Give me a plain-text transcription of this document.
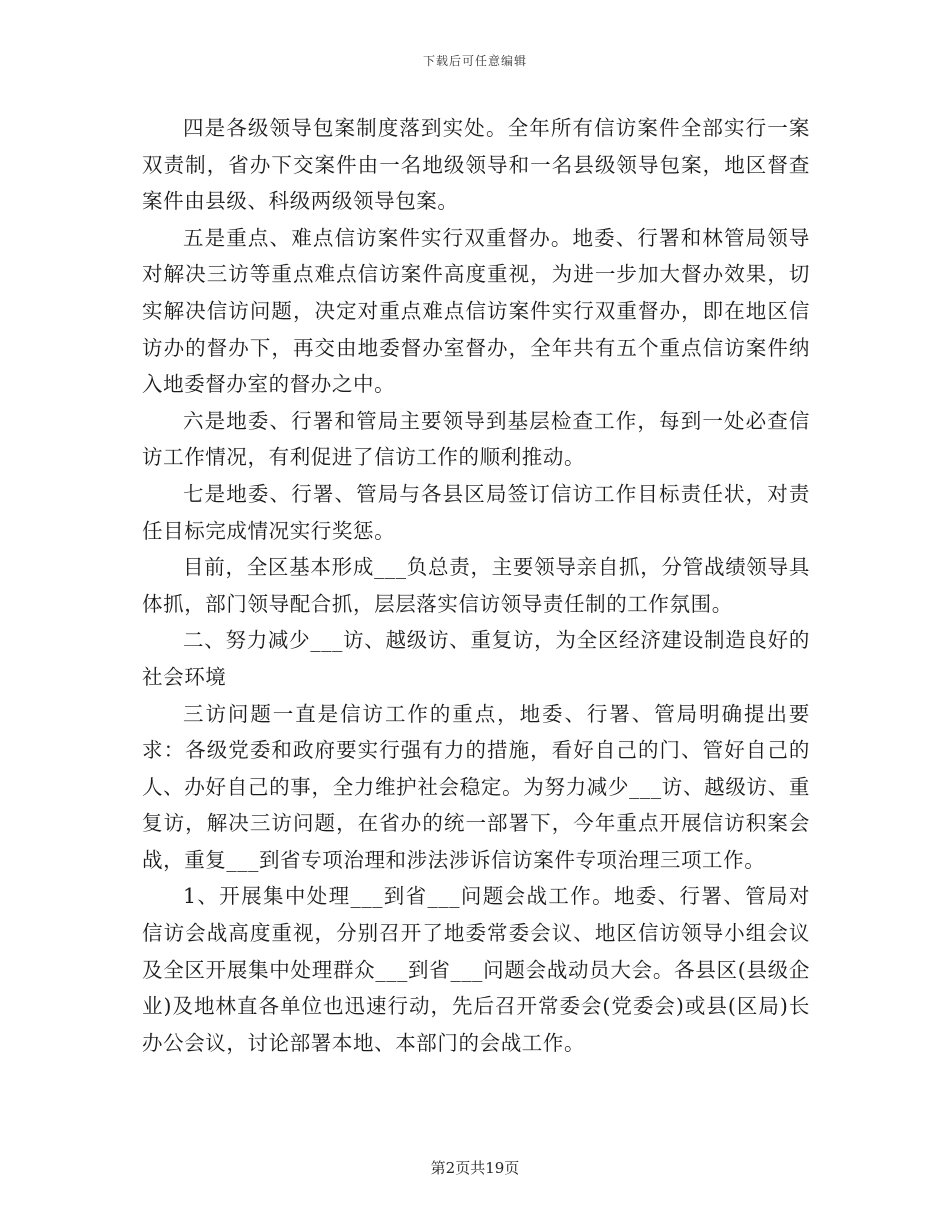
下载后可任意编辑

四是各级领导包案制度落到实处。全年所有信访案件全部实行一案双责制，省办下交案件由一名地级领导和一名县级领导包案，地区督查案件由县级、科级两级领导包案。

五是重点、难点信访案件实行双重督办。地委、行署和林管局领导对解决三访等重点难点信访案件高度重视，为进一步加大督办效果，切实解决信访问题，决定对重点难点信访案件实行双重督办，即在地区信访办的督办下，再交由地委督办室督办，全年共有五个重点信访案件纳入地委督办室的督办之中。

六是地委、行署和管局主要领导到基层检查工作，每到一处必查信访工作情况，有利促进了信访工作的顺利推动。

七是地委、行署、管局与各县区局签订信访工作目标责任状，对责任目标完成情况实行奖惩。

目前，全区基本形成___负总责，主要领导亲自抓，分管战绩领导具体抓，部门领导配合抓，层层落实信访领导责任制的工作氛围。

二、努力减少___访、越级访、重复访，为全区经济建设制造良好的社会环境

三访问题一直是信访工作的重点，地委、行署、管局明确提出要求：各级党委和政府要实行强有力的措施，看好自己的门、管好自己的人、办好自己的事，全力维护社会稳定。为努力减少___访、越级访、重复访，解决三访问题，在省办的统一部署下，今年重点开展信访积案会战，重复___到省专项治理和涉法涉诉信访案件专项治理三项工作。

1、开展集中处理___到省___问题会战工作。地委、行署、管局对信访会战高度重视，分别召开了地委常委会议、地区信访领导小组会议及全区开展集中处理群众___到省___问题会战动员大会。各县区(县级企业)及地林直各单位也迅速行动，先后召开常委会(党委会)或县(区局)长办公会议，讨论部署本地、本部门的会战工作。

第2页共19页
